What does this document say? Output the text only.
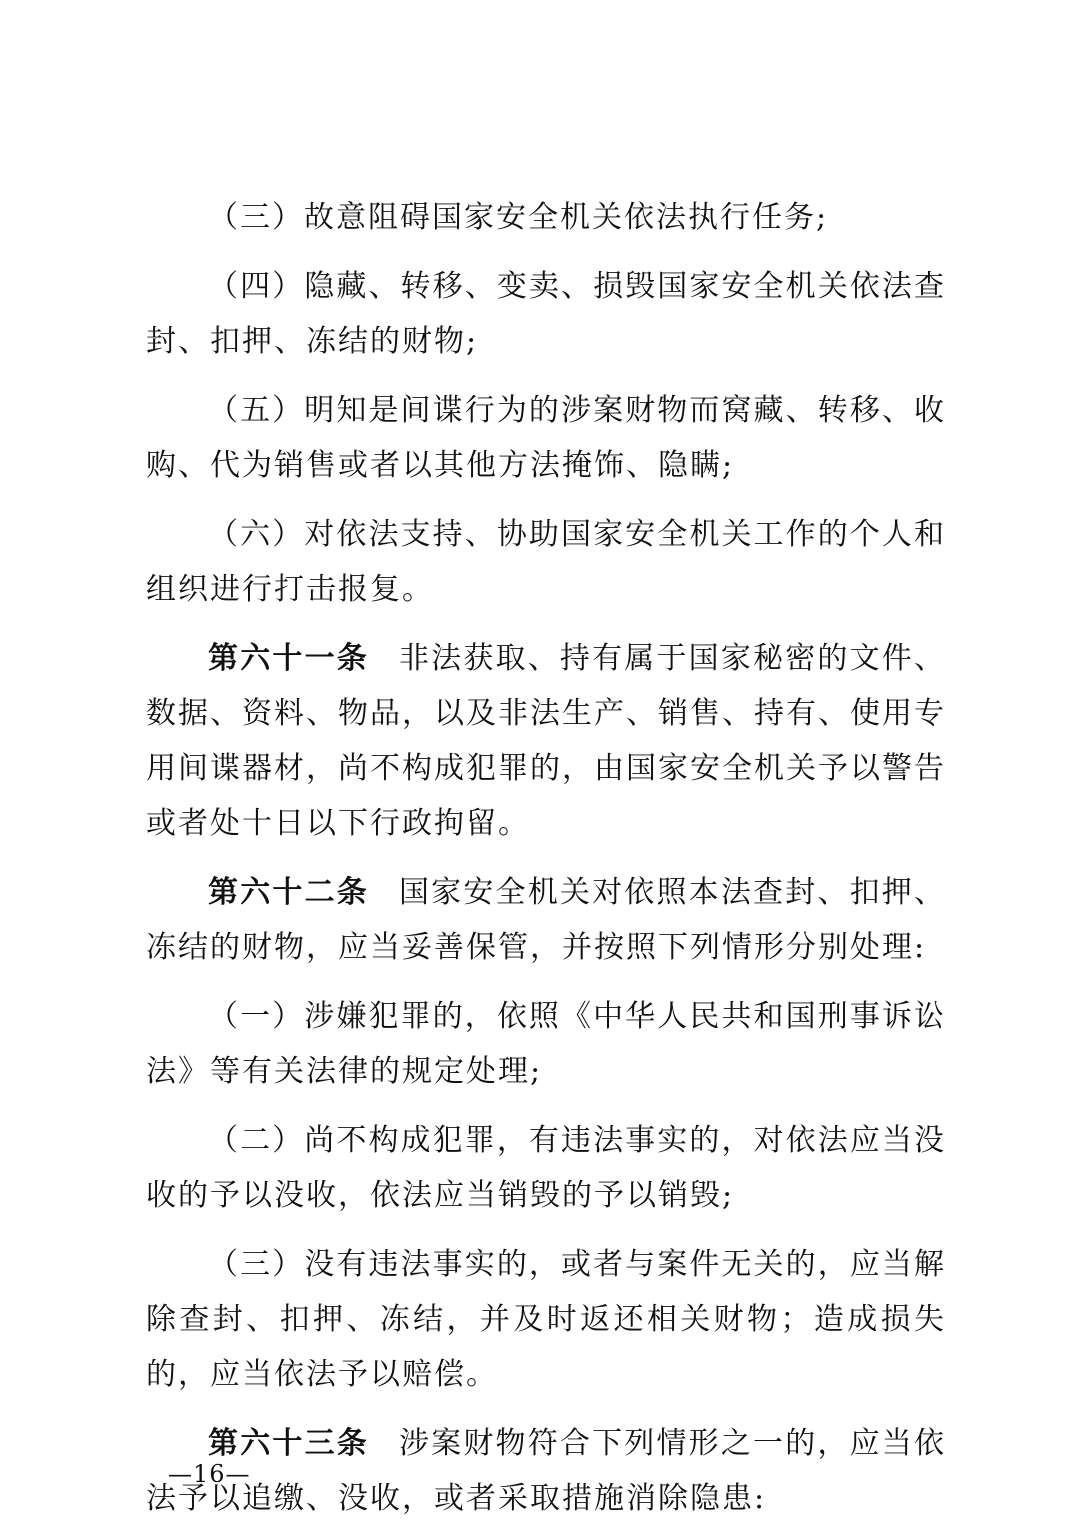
（三）故意阻碍国家安全机关依法执行任务;

（四）隐藏、转移、变卖、损毁国家安全机关依法查封、扣押、冻结的财物;

（五）明知是间谍行为的涉案财物而窝藏、转移、收购、代为销售或者以其他方法掩饰、隐瞒;

（六）对依法支持、协助国家安全机关工作的个人和组织进行打击报复。

第六十一条 非法获取、持有属于国家秘密的文件、数据、资料、物品，以及非法生产、销售、持有、使用专用间谍器材，尚不构成犯罪的，由国家安全机关予以警告或者处十日以下行政拘留。

第六十二条 国家安全机关对依照本法查封、扣押、冻结的财物，应当妥善保管，并按照下列情形分别处理:

（一）涉嫌犯罪的，依照《中华人民共和国刑事诉讼法》等有关法律的规定处理;

（二）尚不构成犯罪，有违法事实的，对依法应当没收的予以没收，依法应当销毁的予以销毁;

（三）没有违法事实的，或者与案件无关的，应当解除查封、扣押、冻结，并及时返还相关财物；造成损失的，应当依法予以赔偿。

第六十三条 涉案财物符合下列情形之一的，应当依法予以追缴、没收，或者采取措施消除隐患:

—16—
